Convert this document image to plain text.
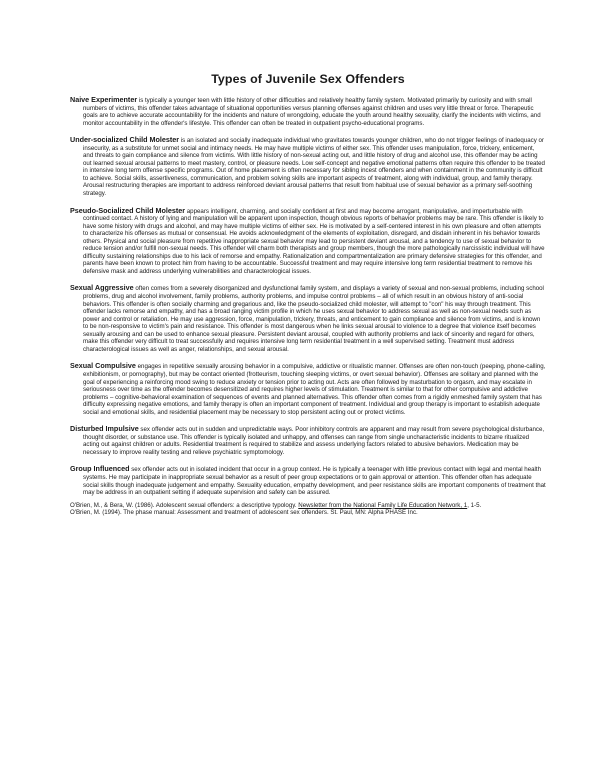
Types of Juvenile Sex Offenders

Naive Experimenter is typically a younger teen with little history of other difficulties and relatively healthy family system. Motivated primarily by curiosity and with small numbers of victims, this offender takes advantage of situational opportunities versus planning offenses against children and uses very little threat or force. Therapeutic goals are to achieve accurate accountability for the incidents and nature of wrongdoing, educate the youth around healthy sexuality, clarify the incidents with victims, and monitor accountability in the offender's lifestyle. This offender can often be treated in outpatient psycho-educational programs.

Under-socialized Child Molester is an isolated and socially inadequate individual who gravitates towards younger children, who do not trigger feelings of inadequacy or insecurity, as a substitute for unmet social and intimacy needs. He may have multiple victims of either sex. This offender uses manipulation, force, trickery, enticement, and threats to gain compliance and silence from victims. With little history of non-sexual acting out, and little history of drug and alcohol use, this offender may be acting out learned sexual arousal patterns to meet mastery, control, or pleasure needs. Low self-concept and negative emotional patterns often require this offender to be treated in intensive long term offense specific programs. Out of home placement is often necessary for sibling incest offenders and when containment in the community is difficult to achieve. Social skills, assertiveness, communication, and problem solving skills are important aspects of treatment, along with individual, group, and family therapy. Arousal restructuring therapies are important to address reinforced deviant arousal patterns that result from habitual use of sexual behavior as a primary self-soothing strategy.

Pseudo-Socialized Child Molester appears intelligent, charming, and socially confident at first and may become arrogant, manipulative, and imperturbable with continued contact. A history of lying and manipulation will be apparent upon inspection, though obvious reports of behavior problems may be rare. This offender is likely to have some history with drugs and alcohol, and may have multiple victims of either sex. He is motivated by a self-centered interest in his own pleasure and often attempts to characterize his offenses as mutual or consensual. He avoids acknowledgment of the elements of exploitation, disregard, and disdain inherent in his behavior towards others. Physical and social pleasure from repetitive inappropriate sexual behavior may lead to persistent deviant arousal, and a tendency to use of sexual behavior to reduce tension and/or fulfill non-sexual needs. This offender will charm both therapists and group members, though the more pathologically narcissistic individual will have difficulty sustaining relationships due to his lack of remorse and empathy. Rationalization and compartmentalization are primary defensive strategies for this offender, and parents have been known to protect him from having to be accountable. Successful treatment and may require intensive long term residential treatment to remove his defensive mask and address underlying vulnerabilities and characterological issues.

Sexual Aggressive often comes from a severely disorganized and dysfunctional family system, and displays a variety of sexual and non-sexual problems, including school problems, drug and alcohol involvement, family problems, authority problems, and impulse control problems – all of which result in an obvious history of anti-social behaviors. This offender is often socially charming and gregarious and, like the pseudo-socialized child molester, will attempt to "con" his way through treatment. This offender lacks remorse and empathy, and has a broad ranging victim profile in which he uses sexual behavior to address sexual as well as non-sexual needs such as power and control or retaliation. He may use aggression, force, manipulation, trickery, threats, and enticement to gain compliance and silence from victims, and is known to be non-responsive to victim's pain and resistance. This offender is most dangerous when he links sexual arousal to violence to a degree that violence itself becomes sexually arousing and can be used to enhance sexual pleasure. Persistent deviant arousal, coupled with authority problems and lack of sincerity and regard for others, make this offender very difficult to treat successfully and requires intensive long term residential treatment in a well supervised setting. Treatment must address characterological issues as well as anger, relationships, and sexual arousal.

Sexual Compulsive engages in repetitive sexually arousing behavior in a compulsive, addictive or ritualistic manner. Offenses are often non-touch (peeping, phone-calling, exhibitionism, or pornography), but may be contact oriented (frotteurism, touching sleeping victims, or overt sexual behavior). Offenses are solitary and planned with the goal of experiencing a reinforcing mood swing to reduce anxiety or tension prior to acting out. Acts are often followed by masturbation to orgasm, and may escalate in seriousness over time as the offender becomes desensitized and requires higher levels of stimulation. Treatment is similar to that for other compulsive and addictive problems – cognitive-behavioral examination of sequences of events and planned alternatives. This offender often comes from a rigidly enmeshed family system that has difficulty expressing negative emotions, and family therapy is often an important component of treatment. Individual and group therapy is important to establish adequate social and emotional skills, and residential placement may be necessary to stop persistent acting out or protect victims.

Disturbed Impulsive sex offender acts out in sudden and unpredictable ways. Poor inhibitory controls are apparent and may result from severe psychological disturbance, thought disorder, or substance use. This offender is typically isolated and unhappy, and offenses can range from single uncharacteristic incidents to bizarre ritualized acting out against children or adults. Residential treatment is required to stabilize and assess underlying factors related to abusive behaviors. Medication may be necessary to improve reality testing and relieve psychiatric symptomology.

Group Influenced sex offender acts out in isolated incident that occur in a group context. He is typically a teenager with little previous contact with legal and mental health systems. He may participate in inappropriate sexual behavior as a result of peer group expectations or to gain approval or attention. This offender often has adequate social skills though inadequate judgement and empathy. Sexuality education, empathy development, and peer resistance skills are important components of treatment that may be address in an outpatient setting if adequate supervision and safety can be assured.

O'Brien, M., & Bera, W. (1986). Adolescent sexual offenders: a descriptive typology. Newsletter from the National Family Life Education Network, 1, 1-5.

O'Brien, M. (1994). The phase manual: Assessment and treatment of adolescent sex offenders. St. Paul, MN: Alpha PHASE Inc.
